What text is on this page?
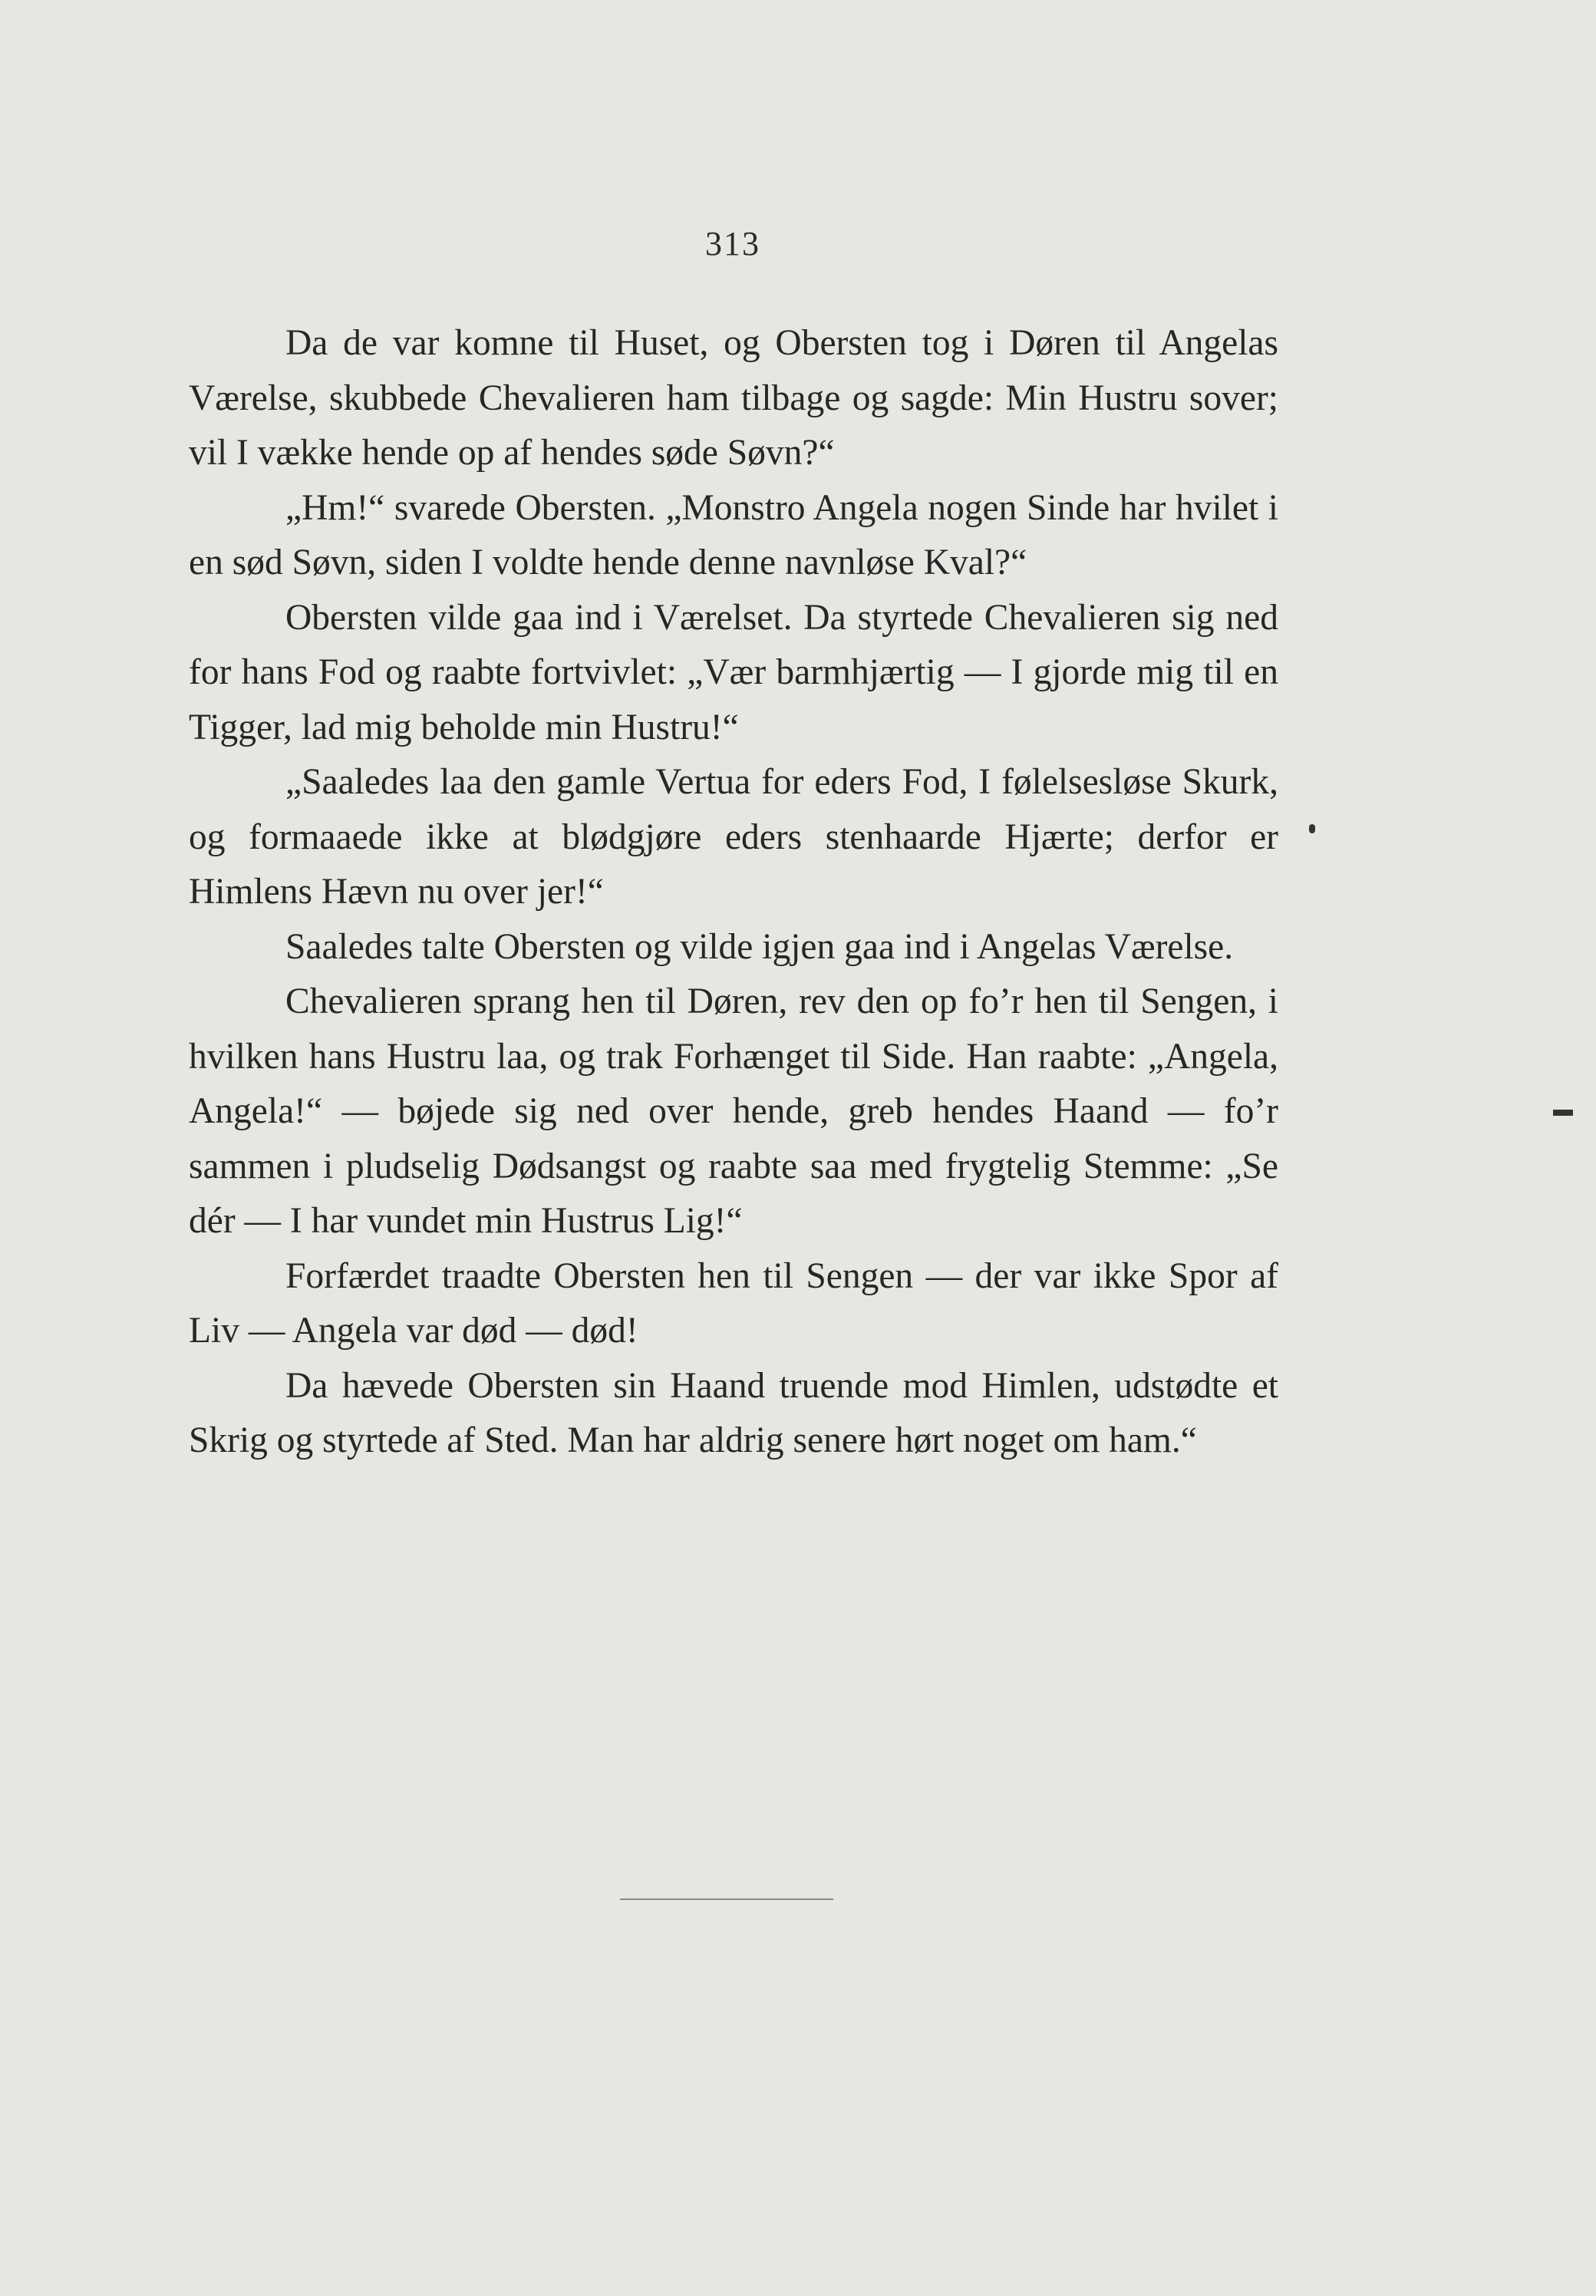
313

Da de var komne til Huset, og Obersten tog i Døren til Angelas Værelse, skubbede Chevalieren ham tilbage og sagde: Min Hustru sover; vil I vække hende op af hendes søde Søvn?“

„Hm!“ svarede Obersten. „Monstro Angela nogen Sinde har hvilet i en sød Søvn, siden I voldte hende denne navnløse Kval?“

Obersten vilde gaa ind i Værelset. Da styrtede Chevalieren sig ned for hans Fod og raabte fortvivlet: „Vær barmhjærtig — I gjorde mig til en Tigger, lad mig beholde min Hustru!“

„Saaledes laa den gamle Vertua for eders Fod, I følelsesløse Skurk, og formaaede ikke at blødgjøre eders stenhaarde Hjærte; derfor er Himlens Hævn nu over jer!“

Saaledes talte Obersten og vilde igjen gaa ind i Angelas Værelse.

Chevalieren sprang hen til Døren, rev den op fo’r hen til Sengen, i hvilken hans Hustru laa, og trak Forhænget til Side. Han raabte: „Angela, Angela!“ — bøjede sig ned over hende, greb hendes Haand — fo’r sammen i pludselig Dødsangst og raabte saa med frygtelig Stemme: „Se dér — I har vundet min Hustrus Lig!“

Forfærdet traadte Obersten hen til Sengen — der var ikke Spor af Liv — Angela var død — død!

Da hævede Obersten sin Haand truende mod Himlen, udstødte et Skrig og styrtede af Sted. Man har aldrig senere hørt noget om ham.“
